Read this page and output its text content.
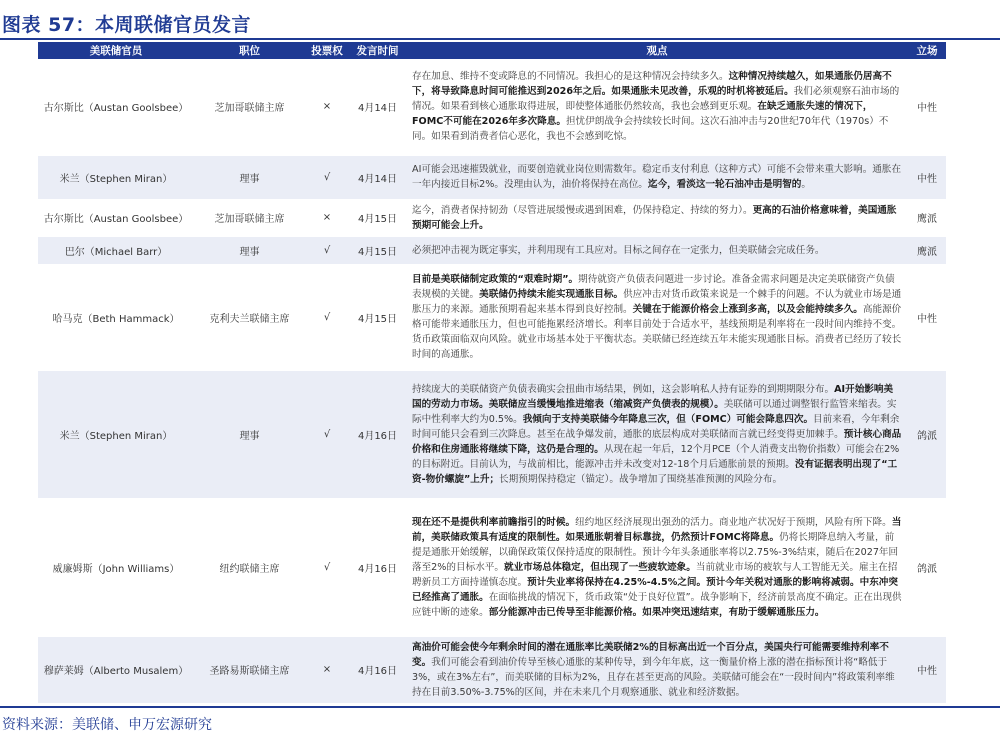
图表 57：本周联储官员发言
美联储官员	职位	投票权	发言时间	观点	立场
古尔斯比（Austan Goolsbee）	芝加哥联储主席	×	4月14日	存在加息、维持不变或降息的不同情况。我担心的是这种情况会持续多久。这种情况持续越久，如果通胀仍居高不下，将导致降息时间可能推迟到2026年之后。如果通胀未见改善，乐观的时机将被延后。我们必须观察石油市场的情况。如果看到核心通胀取得进展，即使整体通胀仍然较高，我也会感到更乐观。在缺乏通胀失速的情况下，FOMC不可能在2026年多次降息。担忧伊朗战争会持续较长时间。这次石油冲击与20世纪70年代（1970s）不同。如果看到消费者信心恶化，我也不会感到吃惊。	中性
米兰（Stephen Miran）	理事	√	4月14日	AI可能会迅速摧毁就业，而要创造就业岗位则需数年。稳定币支付利息（这种方式）可能不会带来重大影响。通胀在一年内接近目标2%。没理由认为，油价将保持在高位。迄今，看淡这一轮石油冲击是明智的。	中性
古尔斯比（Austan Goolsbee）	芝加哥联储主席	×	4月15日	迄今，消费者保持韧劲（尽管进展缓慢或遇到困难，仍保持稳定、持续的努力）。更高的石油价格意味着，美国通胀预期可能会上升。	鹰派
巴尔（Michael Barr）	理事	√	4月15日	必须把冲击视为既定事实，并利用现有工具应对。目标之间存在一定张力，但美联储会完成任务。	鹰派
哈马克（Beth Hammack）	克利夫兰联储主席	√	4月15日	目前是美联储制定政策的“艰难时期”。期待就资产负债表问题进一步讨论。准备金需求问题是决定美联储资产负债表规模的关键。美联储仍持续未能实现通胀目标。供应冲击对货币政策来说是一个棘手的问题。不认为就业市场是通胀压力的来源。通胀预期看起来基本得到良好控制。关键在于能源价格会上涨到多高，以及会能持续多久。高能源价格可能带来通胀压力，但也可能拖累经济增长。利率目前处于合适水平，基线预期是利率将在一段时间内维持不变。货币政策面临双向风险。就业市场基本处于平衡状态。美联储已经连续五年未能实现通胀目标。消费者已经历了较长时间的高通胀。	中性
米兰（Stephen Miran）	理事	√	4月16日	持续庞大的美联储资产负债表确实会扭曲市场结果，例如，这会影响私人持有证券的到期期限分布。AI开始影响美国的劳动力市场。美联储应当缓慢地推进缩表（缩减资产负债表的规模）。美联储可以通过调整银行监管来缩表。实际中性利率大约为0.5%。我倾向于支持美联储今年降息三次，但（FOMC）可能会降息四次。目前来看，今年剩余时间可能只会看到三次降息。甚至在战争爆发前，通胀的底层构成对美联储而言就已经变得更加棘手。预计核心商品价格和住房通胀将继续下降，这仍是合理的。从现在起一年后，12个月PCE（个人消费支出物价指数）可能会在2%的目标附近。目前认为，与战前相比，能源冲击并未改变对12-18个月后通胀前景的预期。没有证据表明出现了“工资-物价螺旋”上升；长期预期保持稳定（锚定）。战争增加了围绕基准预测的风险分布。	鸽派
威廉姆斯（John Williams）	纽约联储主席	√	4月16日	现在还不是提供利率前瞻指引的时候。纽约地区经济展现出强劲的活力。商业地产状况好于预期，风险有所下降。当前，美联储政策具有适度的限制性。如果通胀朝着目标靠拢，仍然预计FOMC将降息。仍将长期降息纳入考量，前提是通胀开始缓解，以确保政策仅保持适度的限制性。预计今年头条通胀率将以2.75%-3%结束，随后在2027年回落至2%的目标水平。就业市场总体稳定，但出现了一些疲软迹象。当前就业市场的疲软与人工智能无关。雇主在招聘新员工方面持谨慎态度。预计失业率将保持在4.25%-4.5%之间。预计今年关税对通胀的影响将减弱。中东冲突已经推高了通胀。在面临挑战的情况下，货币政策“处于良好位置”。战争影响下，经济前景高度不确定。正在出现供应链中断的迹象。部分能源冲击已传导至非能源价格。如果冲突迅速结束，有助于缓解通胀压力。	鸽派
穆萨莱姆（Alberto Musalem）	圣路易斯联储主席	×	4月16日	高油价可能会使今年剩余时间的潜在通胀率比美联储2%的目标高出近一个百分点，美国央行可能需要维持利率不变。我们可能会看到油价传导至核心通胀的某种传导，到今年年底，这一衡量价格上涨的潜在指标预计将“略低于3%，或在3%左右”，而美联储的目标为2%，且存在甚至更高的风险。美联储可能会在“一段时间内”将政策利率维持在目前3.50%-3.75%的区间，并在未来几个月观察通胀、就业和经济数据。	中性
资料来源：美联储、申万宏源研究
